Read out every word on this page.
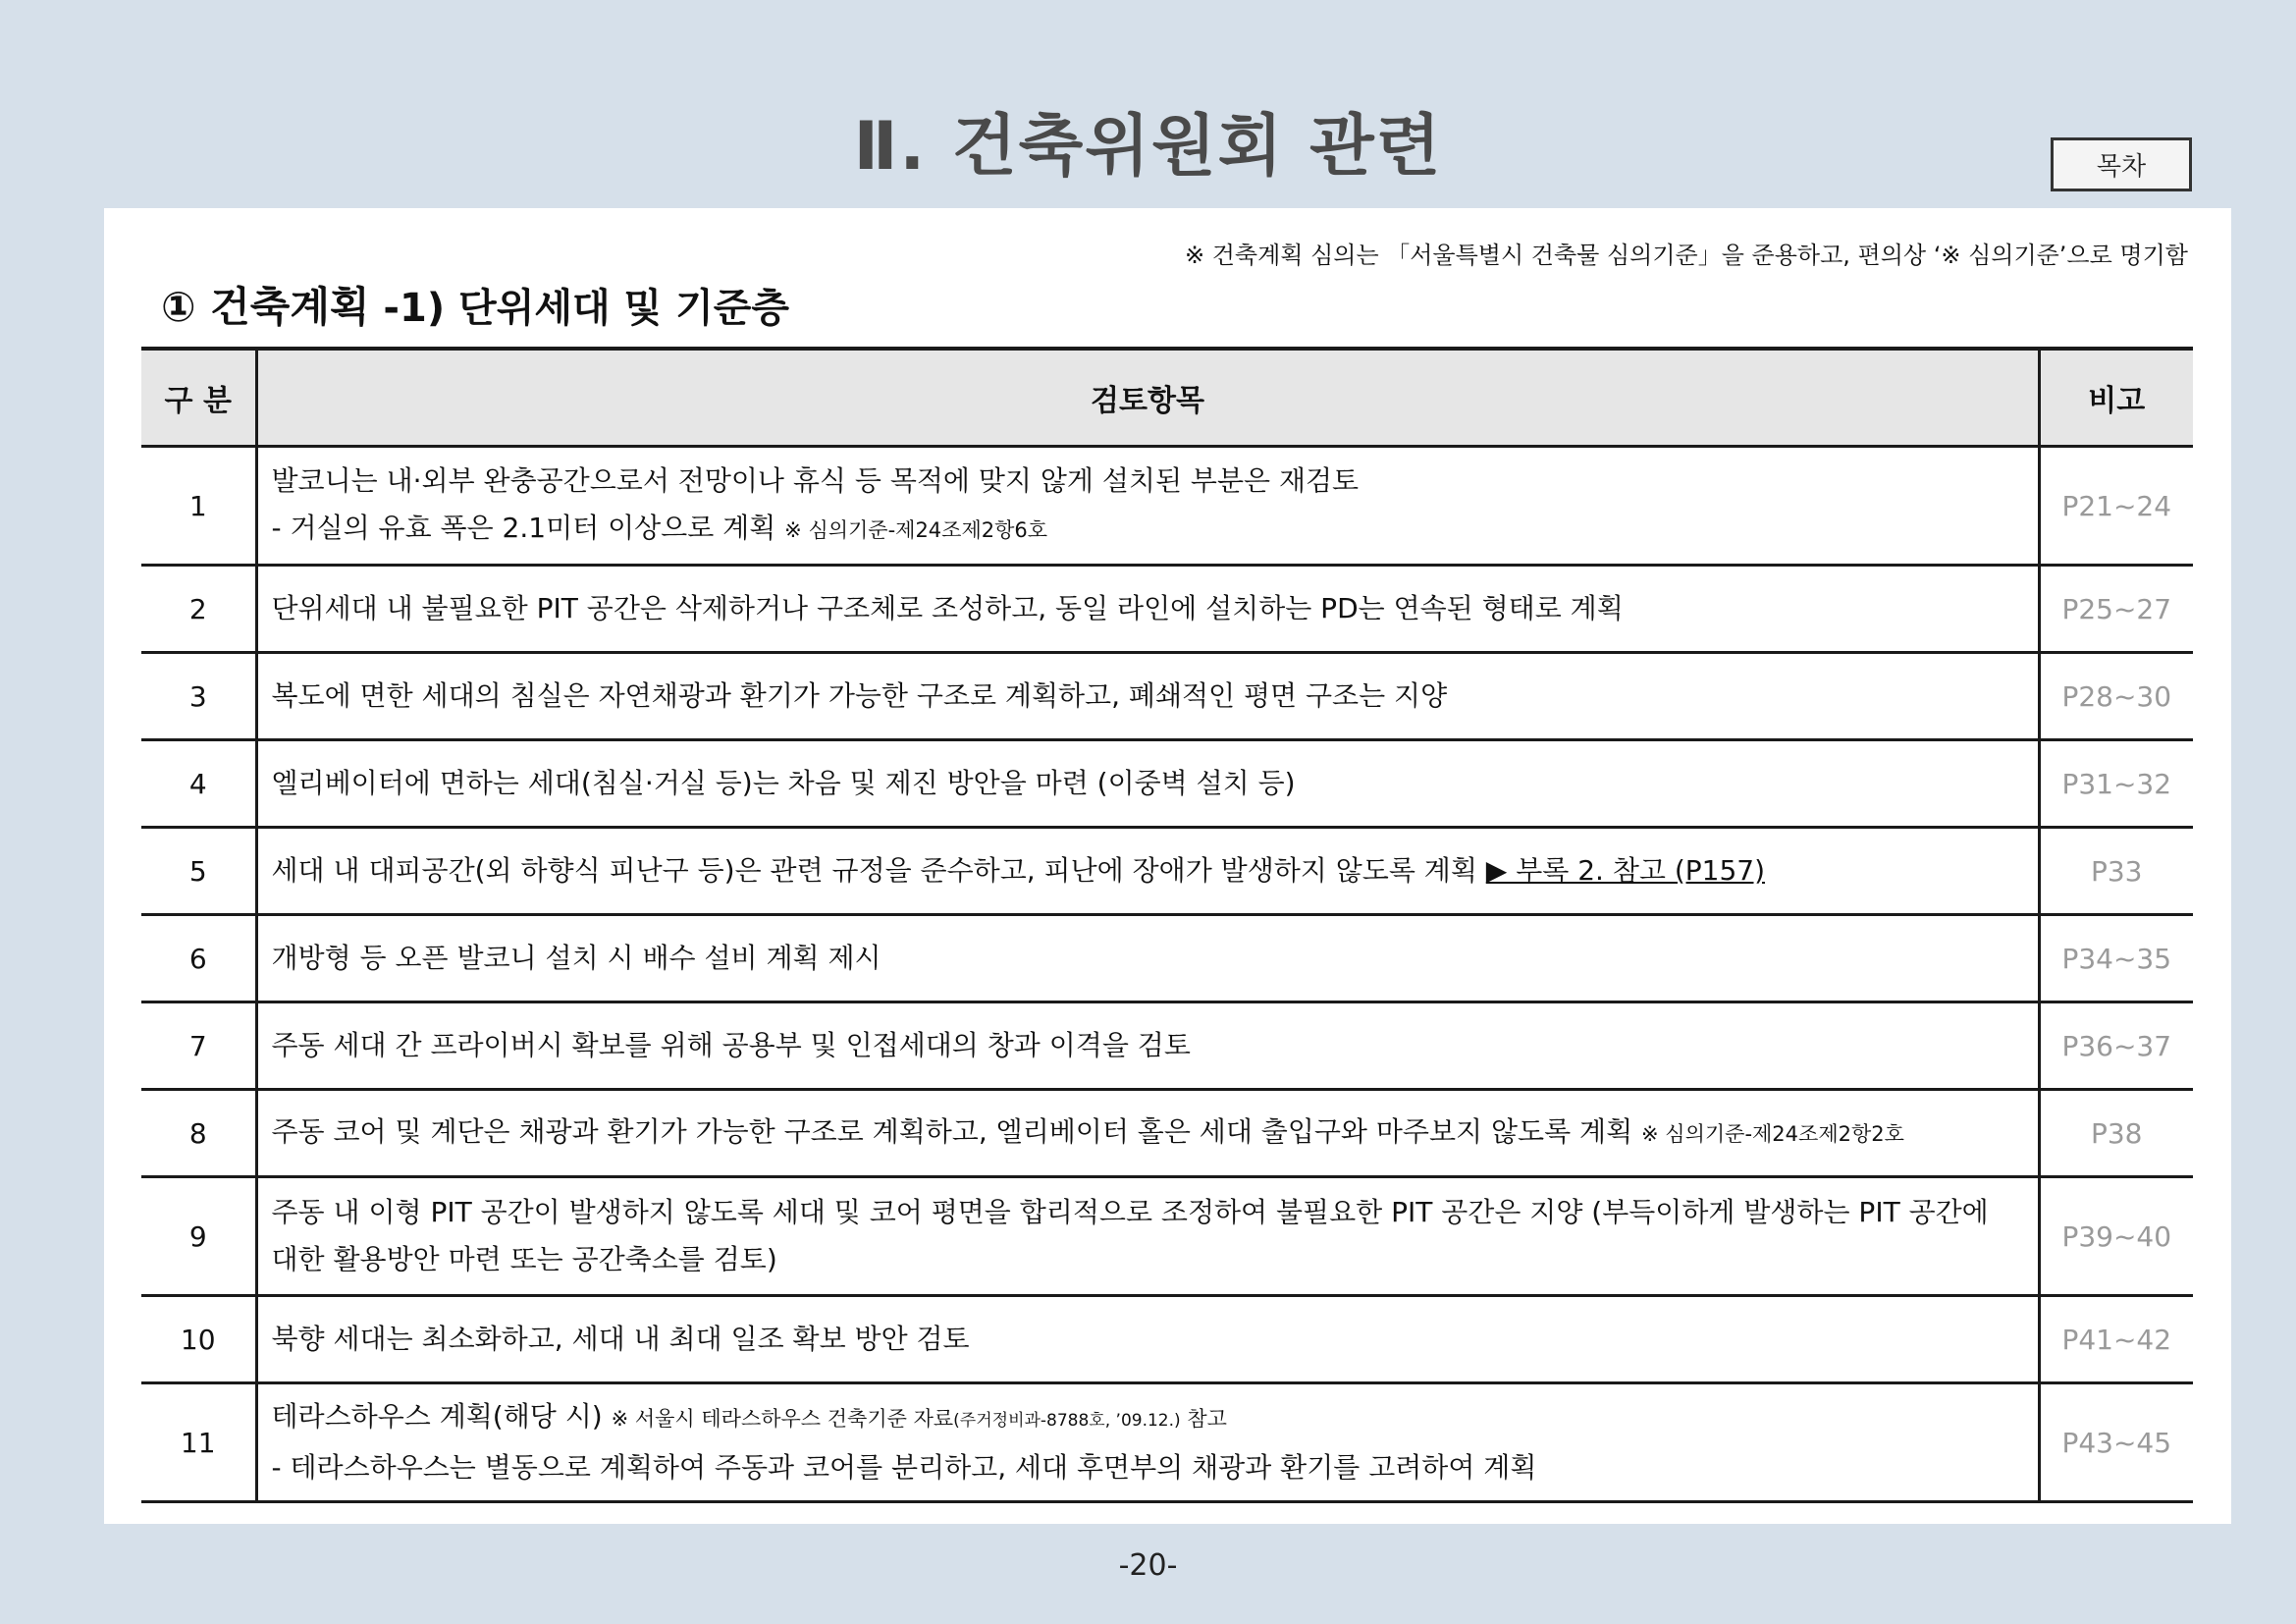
Ⅱ. 건축위원회 관련	목차
※ 건축계획 심의는 「서울특별시 건축물 심의기준」을 준용하고, 편의상 ‘※ 심의기준’으로 명기함
① 건축계획 -1) 단위세대 및 기준층
구 분	검토항목	비고
1	발코니는 내·외부 완충공간으로서 전망이나 휴식 등 목적에 맞지 않게 설치된 부분은 재검토
- 거실의 유효 폭은 2.1미터 이상으로 계획 ※ 심의기준-제24조제2항6호	P21~24
2	단위세대 내 불필요한 PIT 공간은 삭제하거나 구조체로 조성하고, 동일 라인에 설치하는 PD는 연속된 형태로 계획	P25~27
3	복도에 면한 세대의 침실은 자연채광과 환기가 가능한 구조로 계획하고, 폐쇄적인 평면 구조는 지양	P28~30
4	엘리베이터에 면하는 세대(침실·거실 등)는 차음 및 제진 방안을 마련 (이중벽 설치 등)	P31~32
5	세대 내 대피공간(외 하향식 피난구 등)은 관련 규정을 준수하고, 피난에 장애가 발생하지 않도록 계획 ▶ 부록 2. 참고 (P157)	P33
6	개방형 등 오픈 발코니 설치 시 배수 설비 계획 제시	P34~35
7	주동 세대 간 프라이버시 확보를 위해 공용부 및 인접세대의 창과 이격을 검토	P36~37
8	주동 코어 및 계단은 채광과 환기가 가능한 구조로 계획하고, 엘리베이터 홀은 세대 출입구와 마주보지 않도록 계획 ※ 심의기준-제24조제2항2호	P38
9	주동 내 이형 PIT 공간이 발생하지 않도록 세대 및 코어 평면을 합리적으로 조정하여 불필요한 PIT 공간은 지양 (부득이하게 발생하는 PIT 공간에
대한 활용방안 마련 또는 공간축소를 검토)	P39~40
10	북향 세대는 최소화하고, 세대 내 최대 일조 확보 방안 검토	P41~42
11	테라스하우스 계획(해당 시) ※ 서울시 테라스하우스 건축기준 자료(주거정비과-8788호, ’09.12.) 참고
- 테라스하우스는 별동으로 계획하여 주동과 코어를 분리하고, 세대 후면부의 채광과 환기를 고려하여 계획	P43~45
-20-
